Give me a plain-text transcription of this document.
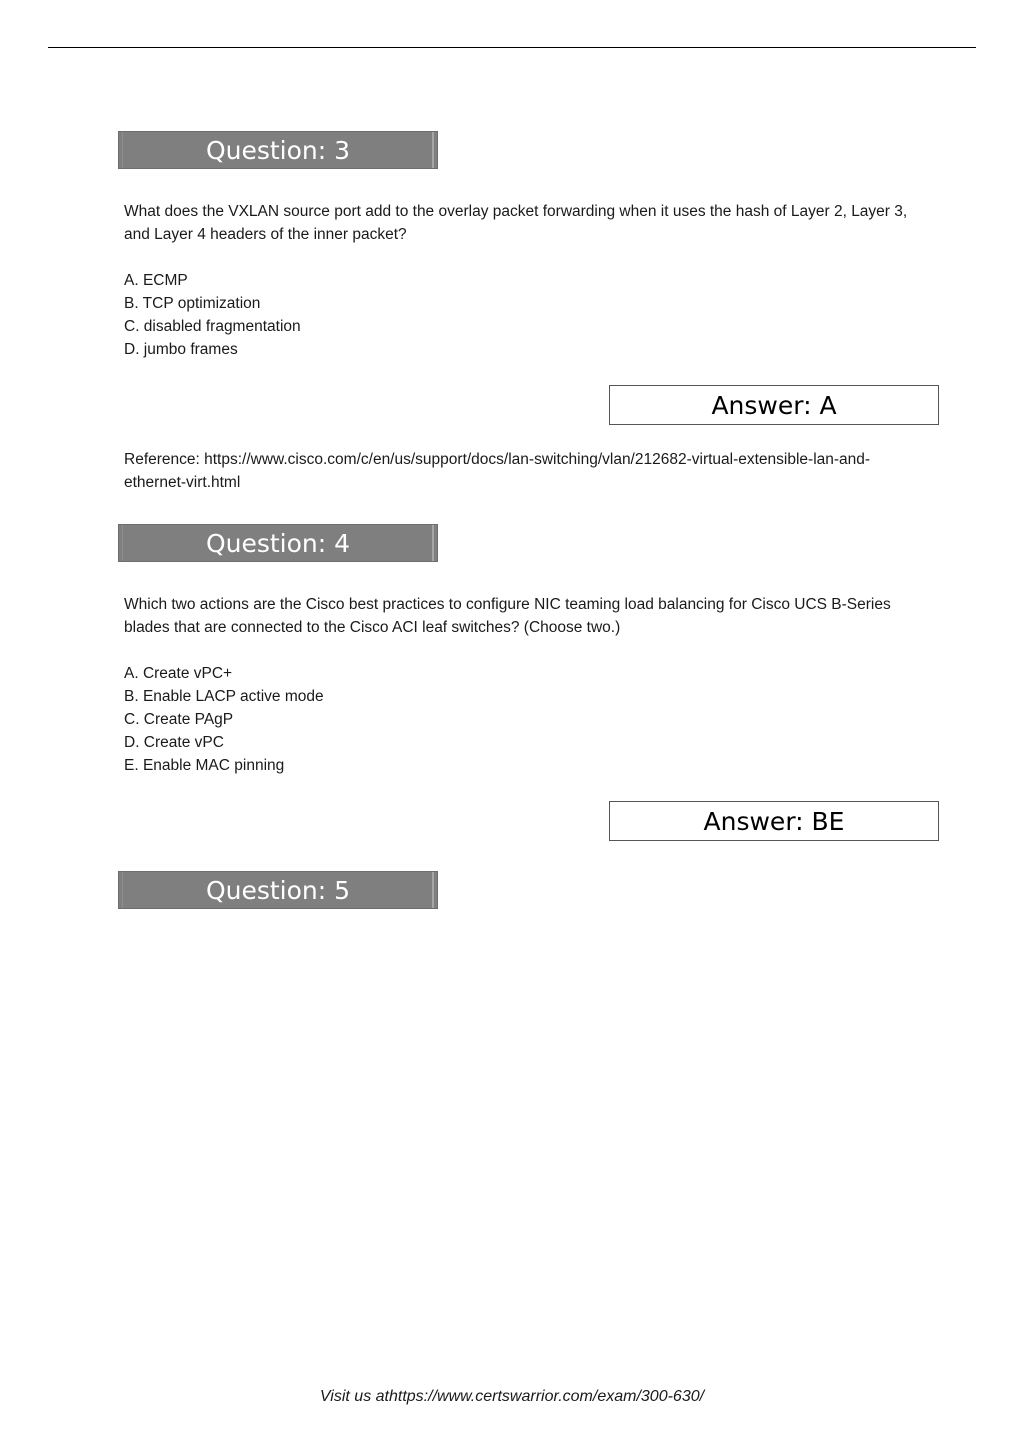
Question: 3

What does the VXLAN source port add to the overlay packet forwarding when it uses the hash of Layer 2, Layer 3, and Layer 4 headers of the inner packet?

A. ECMP
B. TCP optimization
C. disabled fragmentation
D. jumbo frames
Answer: A

Reference: https://www.cisco.com/c/en/us/support/docs/lan-switching/vlan/212682-virtual-extensible-lan-and- ethernet-virt.html

Question: 4

Which two actions are the Cisco best practices to configure NIC teaming load balancing for Cisco UCS B-Series blades that are connected to the Cisco ACI leaf switches? (Choose two.)

A. Create vPC+
B. Enable LACP active mode
C. Create PAgP
D. Create vPC
E. Enable MAC pinning
Answer: BE
Question: 5
Visit us athttps://www.certswarrior.com/exam/300-630/
